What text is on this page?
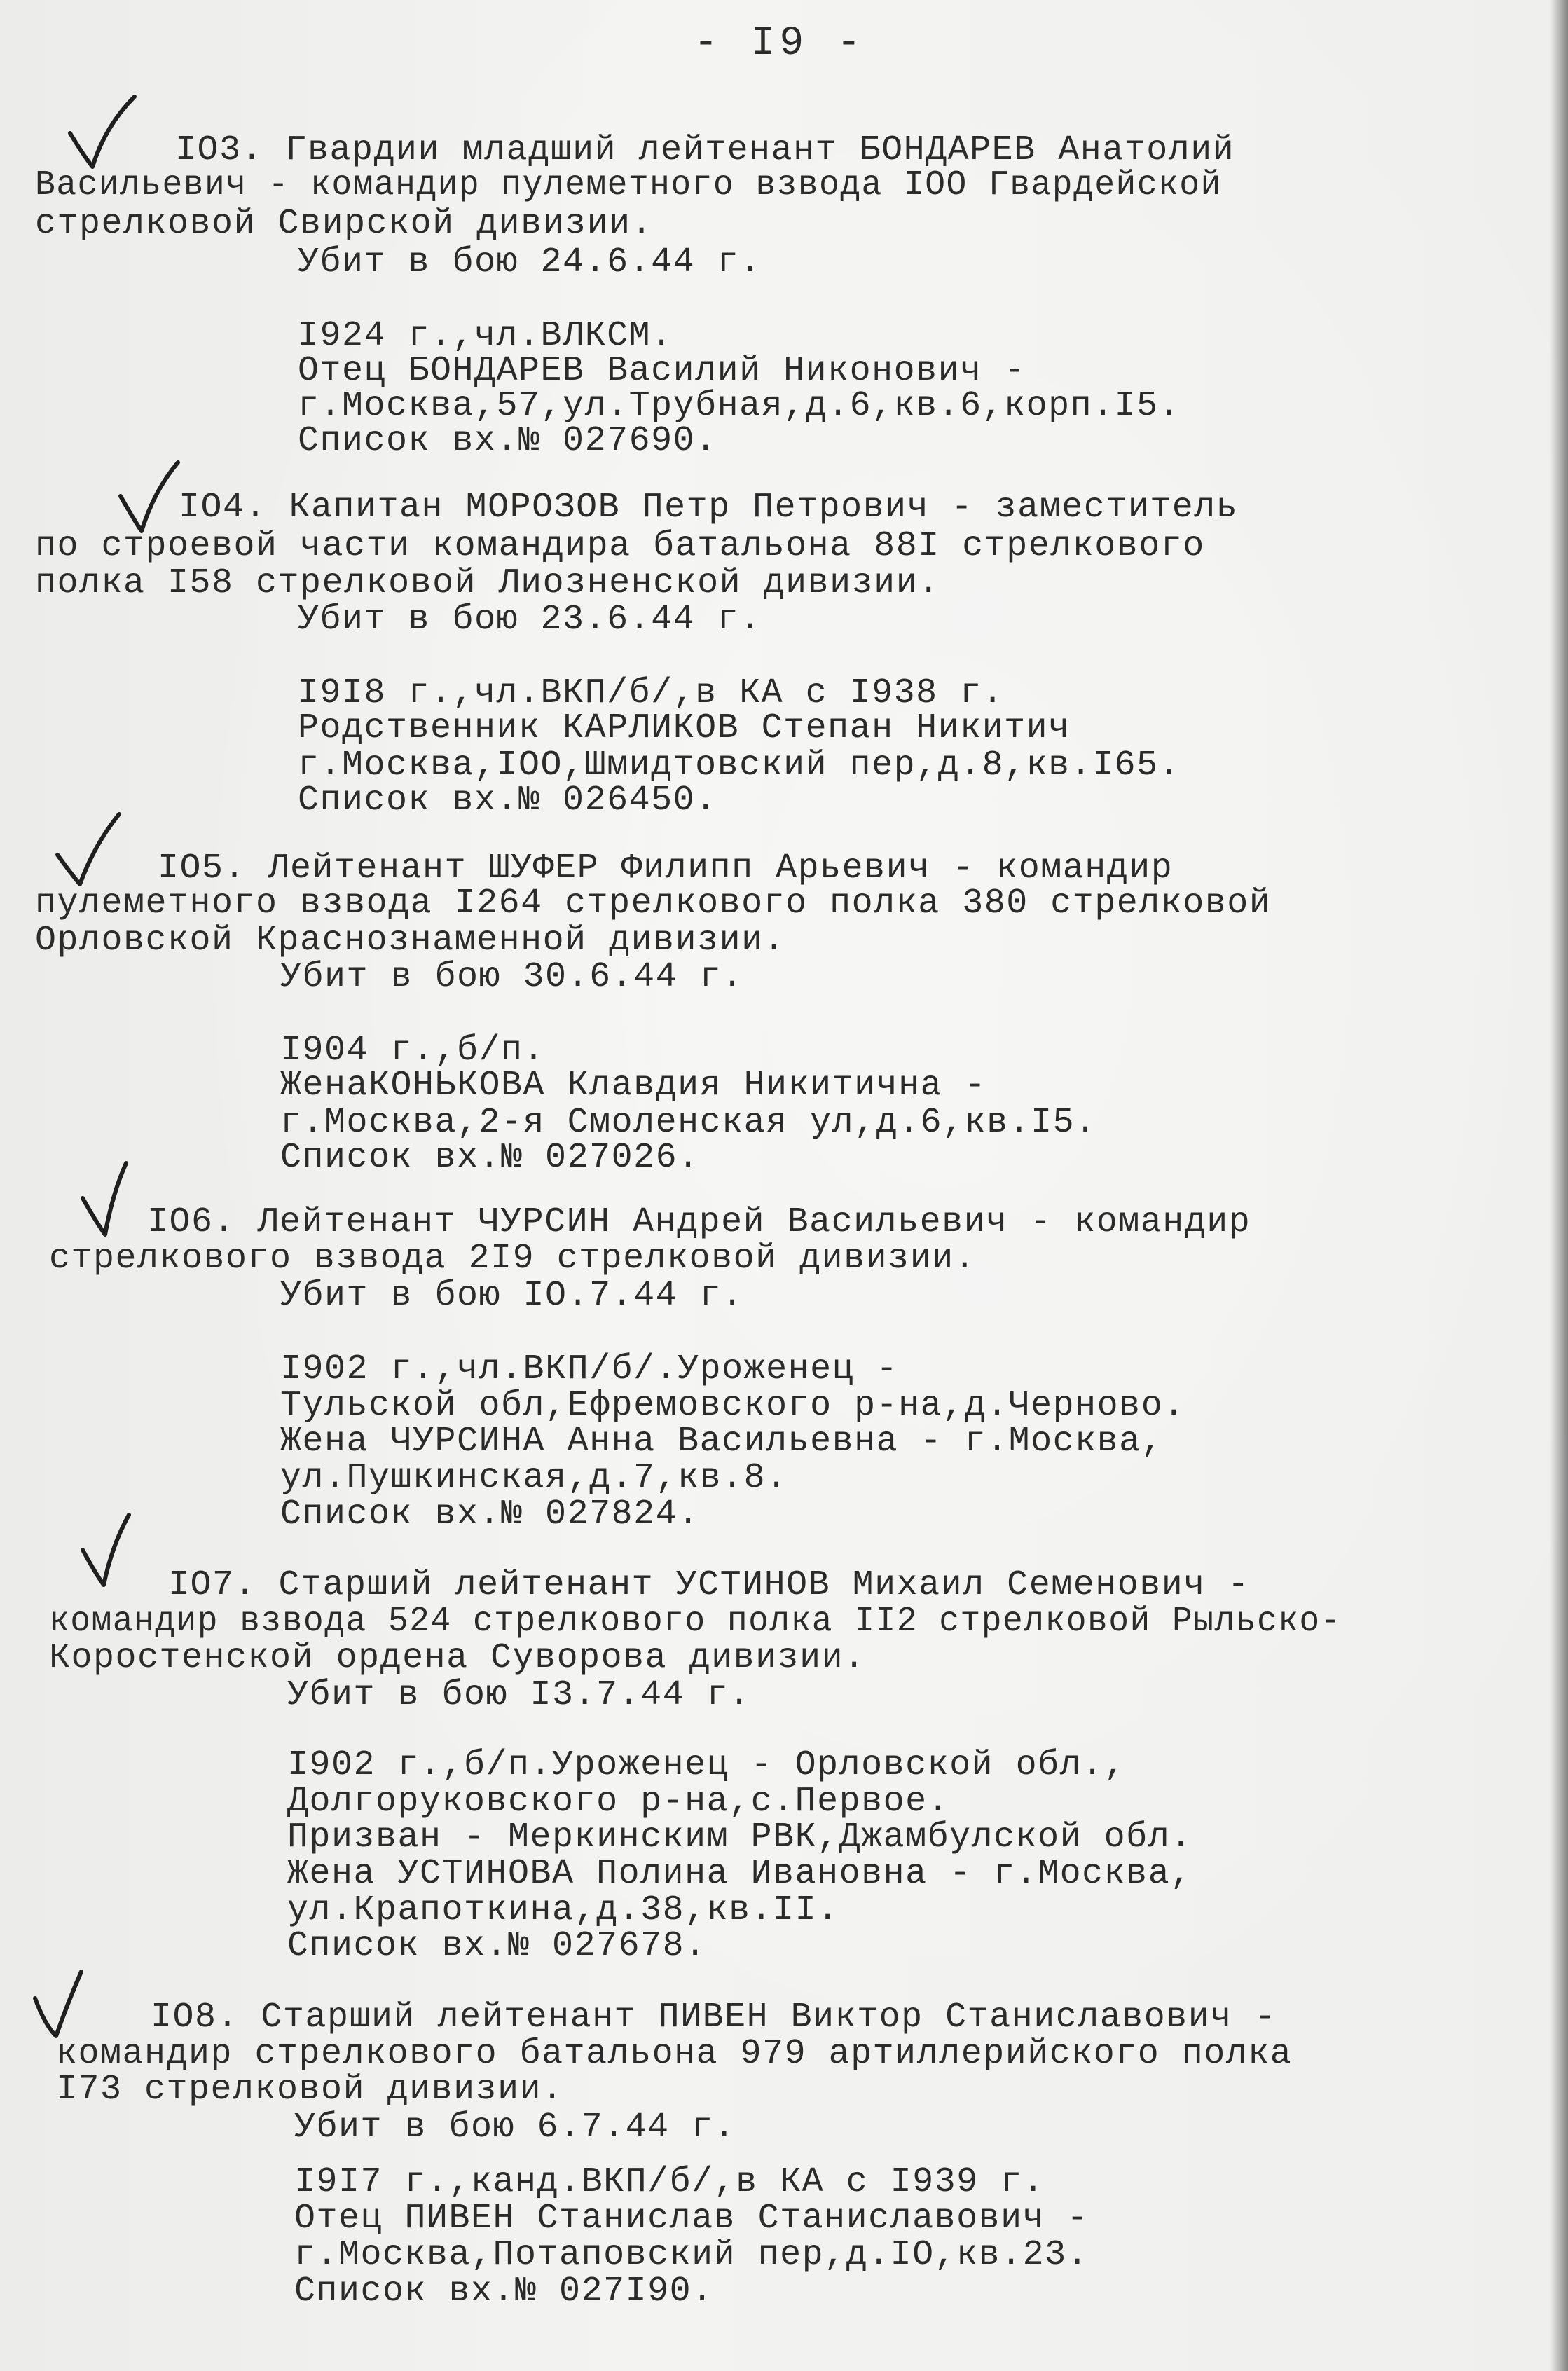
- I9 -
IO3. Гвардии младший лейтенант БОНДАРЕВ Анатолий
Васильевич - командир пулеметного взвода IOO Гвардейской
стрелковой Свирской дивизии.
Убит в бою 24.6.44 г.
I924 г.,чл.ВЛКСМ.
Отец БОНДАРЕВ Василий Никонович -
г.Москва,57,ул.Трубная,д.6,кв.6,корп.I5.
Список вх.№ 027690.
IO4. Капитан МОРОЗОВ Петр Петрович - заместитель
по строевой части командира батальона 88I стрелкового
полка I58 стрелковой Лиозненской дивизии.
Убит в бою 23.6.44 г.
I9I8 г.,чл.ВКП/б/,в КА с I938 г.
Родственник КАРЛИКОВ Степан Никитич
г.Москва,IOO,Шмидтовский пер,д.8,кв.I65.
Список вх.№ 026450.
IO5. Лейтенант ШУФЕР Филипп Арьевич - командир
пулеметного взвода I264 стрелкового полка 380 стрелковой
Орловской Краснознаменной дивизии.
Убит в бою 30.6.44 г.
I904 г.,б/п.
ЖенаКОНЬКОВА Клавдия Никитична -
г.Москва,2-я Смоленская ул,д.6,кв.I5.
Список вх.№ 027026.
IO6. Лейтенант ЧУРСИН Андрей Васильевич - командир
стрелкового взвода 2I9 стрелковой дивизии.
Убит в бою IO.7.44 г.
I902 г.,чл.ВКП/б/.Уроженец -
Тульской обл,Ефремовского р-на,д.Черново.
Жена ЧУРСИНА Анна Васильевна - г.Москва,
ул.Пушкинская,д.7,кв.8.
Список вх.№ 027824.
IO7. Старший лейтенант УСТИНОВ Михаил Семенович -
командир взвода 524 стрелкового полка II2 стрелковой Рыльско-
Коростенской ордена Суворова дивизии.
Убит в бою I3.7.44 г.
I902 г.,б/п.Уроженец - Орловской обл.,
Долгоруковского р-на,с.Первое.
Призван - Меркинским РВК,Джамбулской обл.
Жена УСТИНОВА Полина Ивановна - г.Москва,
ул.Крапоткина,д.38,кв.II.
Список вх.№ 027678.
IO8. Старший лейтенант ПИВЕН Виктор Станиславович -
командир стрелкового батальона 979 артиллерийского полка
I73 стрелковой дивизии.
Убит в бою 6.7.44 г.
I9I7 г.,канд.ВКП/б/,в КА с I939 г.
Отец ПИВЕН Станислав Станиславович -
г.Москва,Потаповский пер,д.IO,кв.23.
Список вх.№ 027I90.
